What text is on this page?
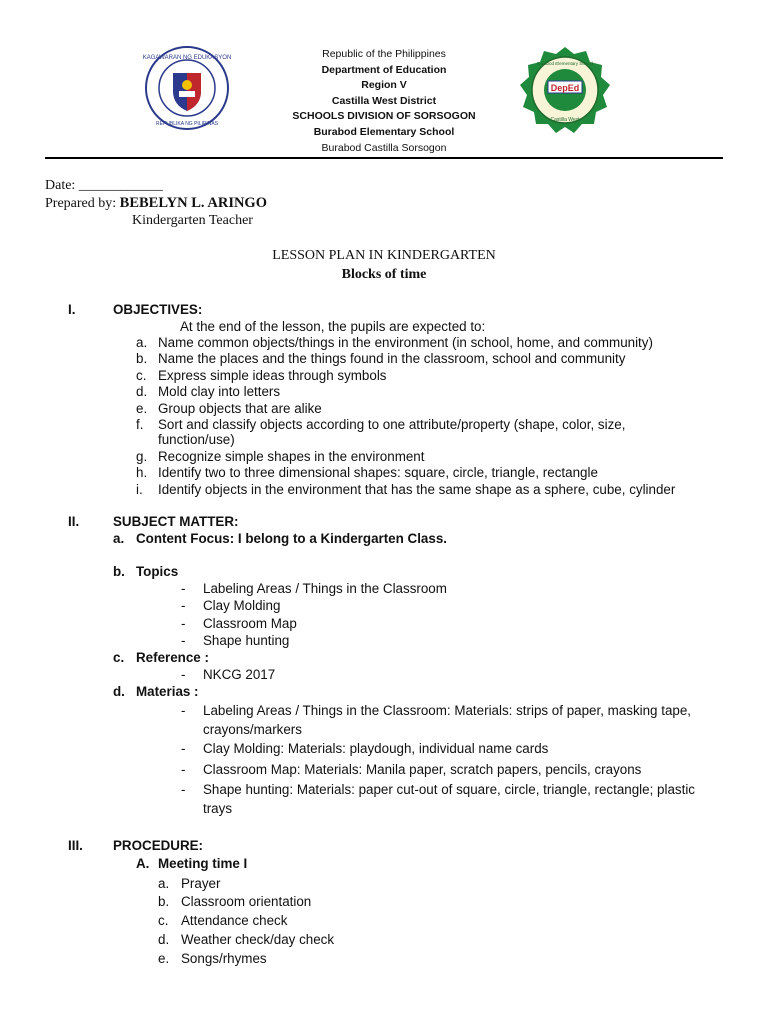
KAGAWARAN NG EDUKASYON
REPUBLIKA NG PILIPINAS
Republic of the Philippines
Department of Education
Region V
Castilla West District
SCHOOLS DIVISION OF SORSOGON
Burabod Elementary School
Burabod Castilla Sorsogon
DepEd
Burabod Elementary School
Castilla West
Date: ____________
Prepared by: BEBELYN L. ARINGO
Kindergarten Teacher
LESSON PLAN IN KINDERGARTEN
Blocks of time
I.	OBJECTIVES:
At the end of the lesson, the pupils are expected to:
a. Name common objects/things in the environment (in school, home, and community)
b. Name the places and the things found in the classroom, school and community
c. Express simple ideas through symbols
d. Mold clay into letters
e. Group objects that are alike
f. Sort and classify objects according to one attribute/property (shape, color, size,
function/use)
g. Recognize simple shapes in the environment
h. Identify two to three dimensional shapes: square, circle, triangle, rectangle
i. Identify objects in the environment that has the same shape as a sphere, cube, cylinder
II.	SUBJECT MATTER:
a. Content Focus: I belong to a Kindergarten Class.
b. Topics
- Labeling Areas / Things in the Classroom
- Clay Molding
- Classroom Map
- Shape hunting
c. Reference :
- NKCG 2017
d. Materias :
- Labeling Areas / Things in the Classroom: Materials: strips of paper, masking tape,
crayons/markers
- Clay Molding: Materials: playdough, individual name cards
- Classroom Map: Materials: Manila paper, scratch papers, pencils, crayons
- Shape hunting: Materials: paper cut-out of square, circle, triangle, rectangle; plastic
trays
III. PROCEDURE:
A. Meeting time I
a. Prayer
b. Classroom orientation
c. Attendance check
d. Weather check/day check
e. Songs/rhymes
